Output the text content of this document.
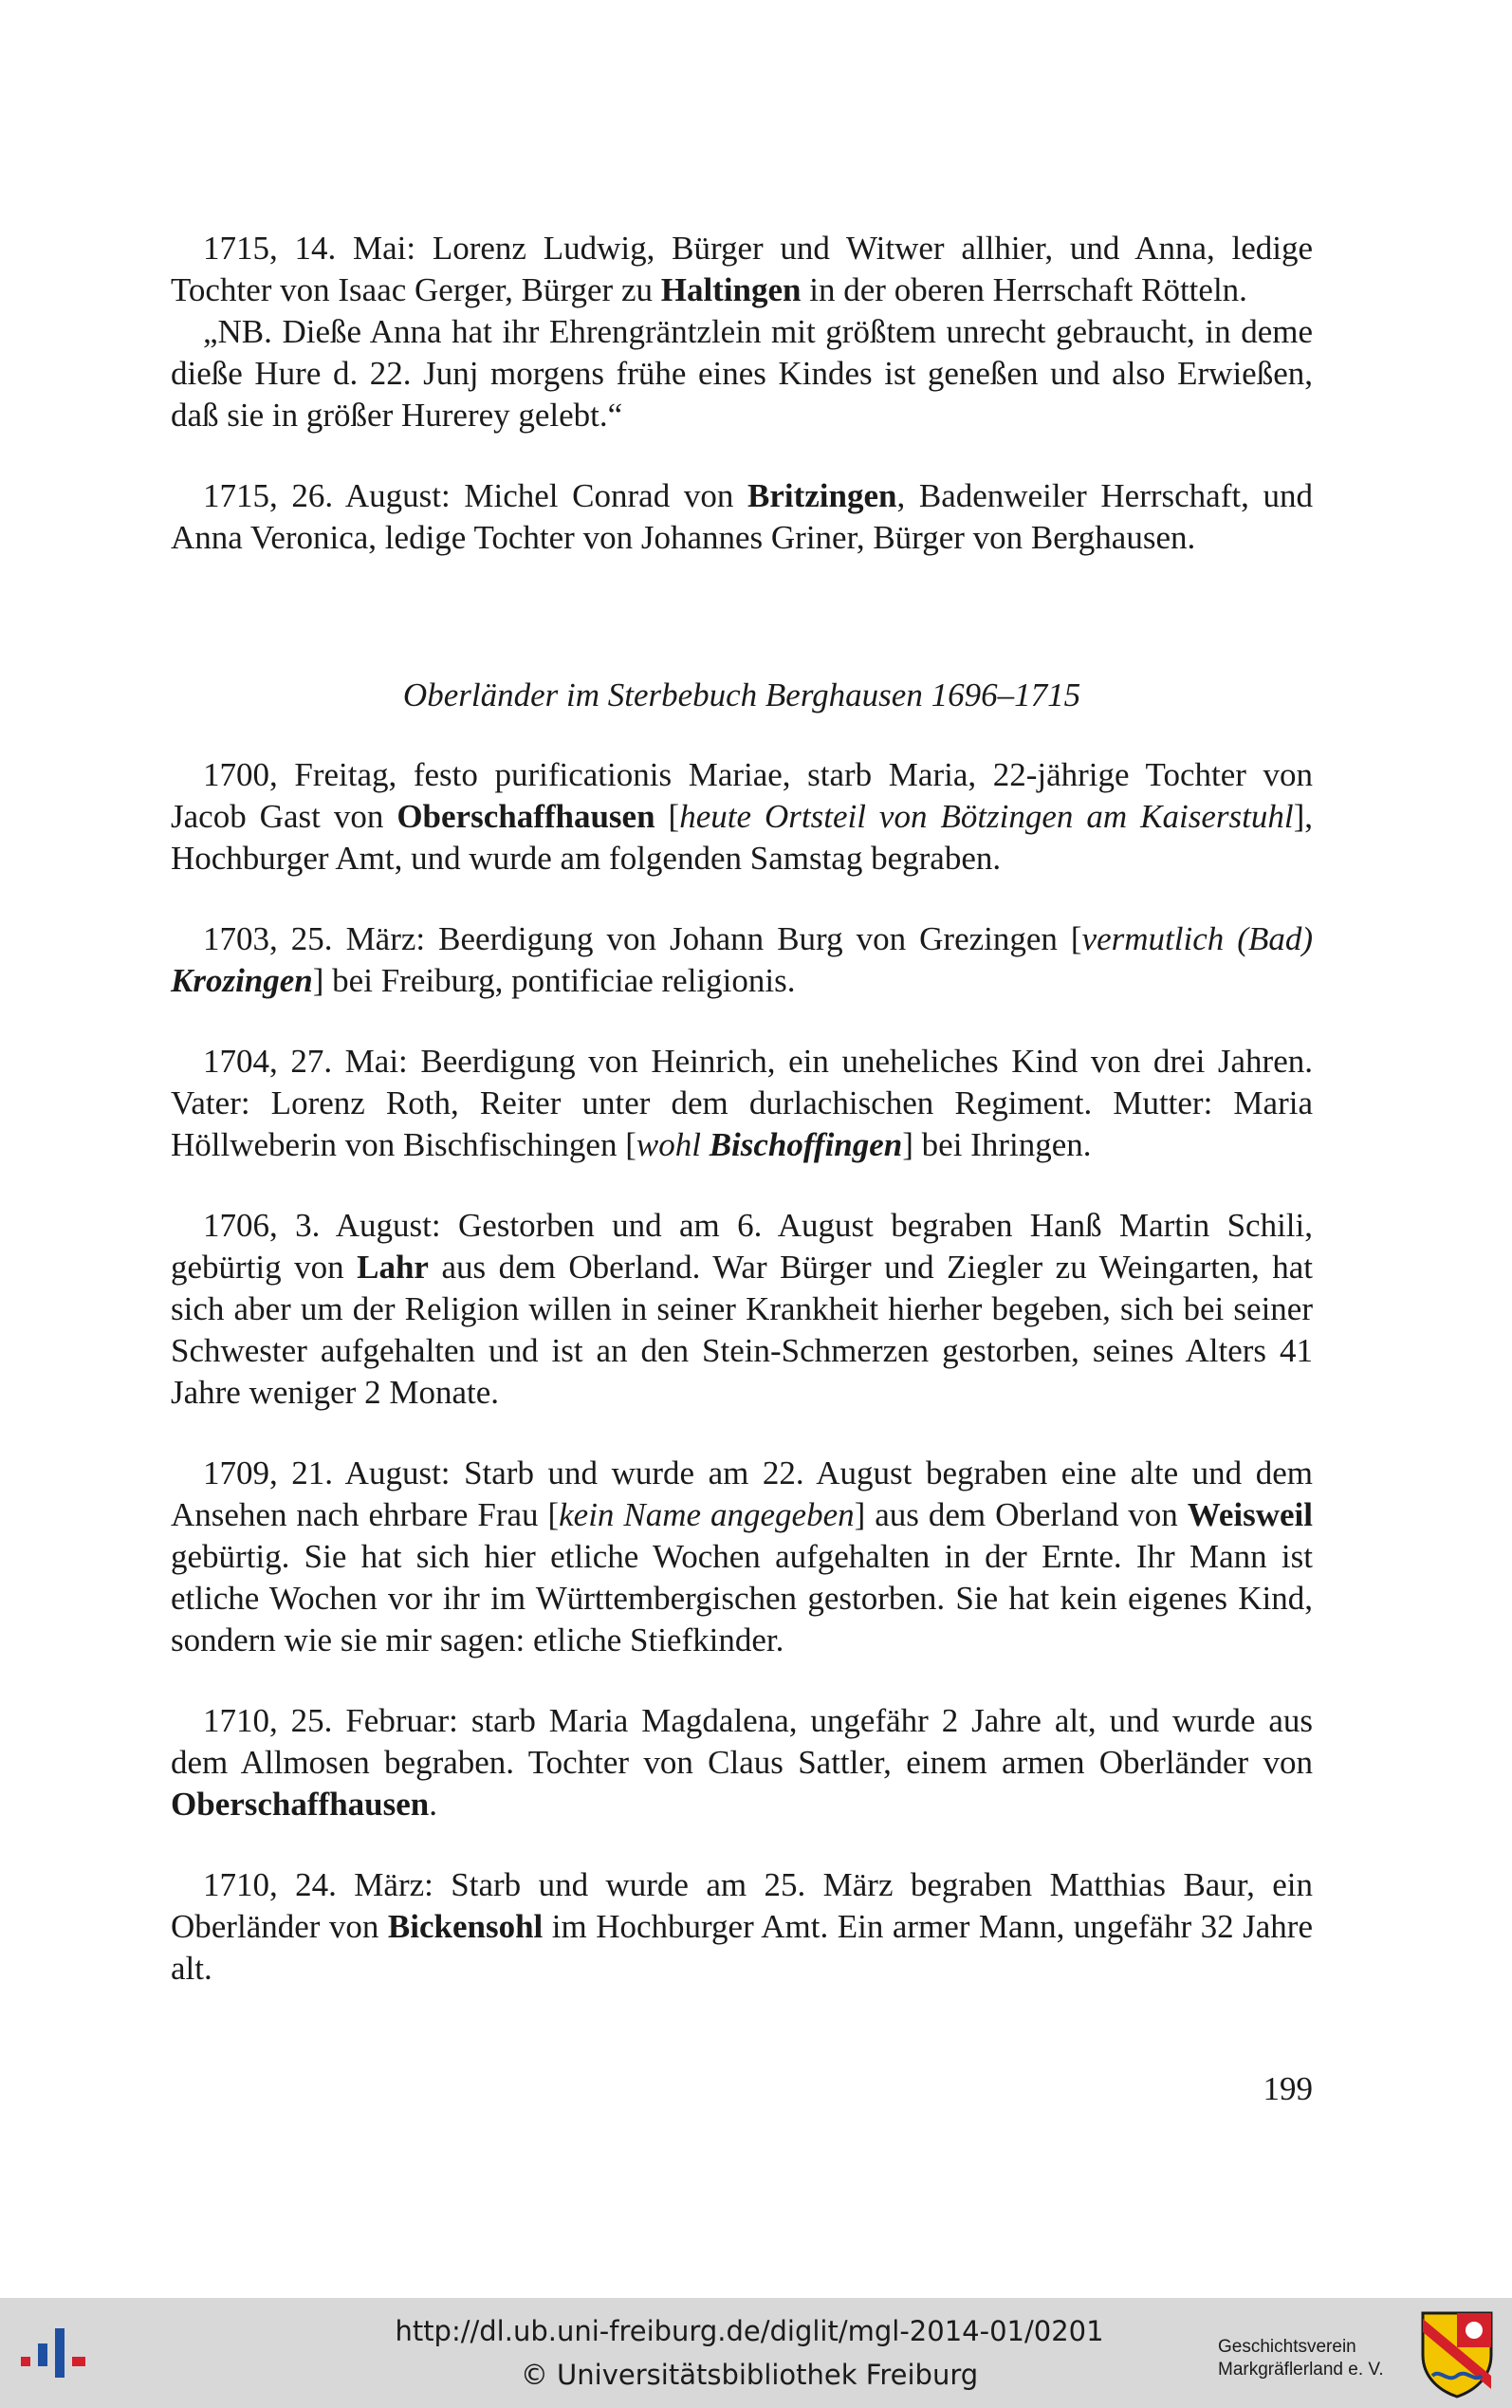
1715, 14. Mai: Lorenz Ludwig, Bürger und Witwer allhier, und Anna, ledige Tochter von Isaac Gerger, Bürger zu Haltingen in der oberen Herrschaft Rötteln.

„NB. Dieße Anna hat ihr Ehrengräntzlein mit größtem unrecht gebraucht, in deme dieße Hure d. 22. Junj morgens frühe eines Kindes ist geneßen und also Erwießen, daß sie in größer Hurerey gelebt.“

1715, 26. August: Michel Conrad von Britzingen, Badenweiler Herrschaft, und Anna Veronica, ledige Tochter von Johannes Griner, Bürger von Berghausen.

Oberländer im Sterbebuch Berghausen 1696–1715

1700, Freitag, festo purificationis Mariae, starb Maria, 22-jährige Tochter von Jacob Gast von Oberschaffhausen [heute Ortsteil von Bötzingen am Kaiserstuhl], Hochburger Amt, und wurde am folgenden Samstag begraben.

1703, 25. März: Beerdigung von Johann Burg von Grezingen [vermutlich (Bad) Krozingen] bei Freiburg, pontificiae religionis.

1704, 27. Mai: Beerdigung von Heinrich, ein uneheliches Kind von drei Jahren. Vater: Lorenz Roth, Reiter unter dem durlachischen Regiment. Mutter: Maria Höllweberin von Bischfischingen [wohl Bischoffingen] bei Ihringen.

1706, 3. August: Gestorben und am 6. August begraben Hanß Martin Schili, gebürtig von Lahr aus dem Oberland. War Bürger und Ziegler zu Weingarten, hat sich aber um der Religion willen in seiner Krankheit hierher begeben, sich bei seiner Schwester aufgehalten und ist an den Stein-Schmerzen gestorben, seines Alters 41 Jahre weniger 2 Monate.

1709, 21. August: Starb und wurde am 22. August begraben eine alte und dem Ansehen nach ehrbare Frau [kein Name angegeben] aus dem Oberland von Weisweil gebürtig. Sie hat sich hier etliche Wochen aufgehalten in der Ernte. Ihr Mann ist etliche Wochen vor ihr im Württembergischen gestorben. Sie hat kein eigenes Kind, sondern wie sie mir sagen: etliche Stiefkinder.

1710, 25. Februar: starb Maria Magdalena, ungefähr 2 Jahre alt, und wurde aus dem Allmosen begraben. Tochter von Claus Sattler, einem armen Oberländer von Oberschaffhausen.

1710, 24. März: Starb und wurde am 25. März begraben Matthias Baur, ein Oberländer von Bickensohl im Hochburger Amt. Ein armer Mann, ungefähr 32 Jahre alt.

199
http://dl.ub.uni-freiburg.de/diglit/mgl-2014-01/0201
© Universitätsbibliothek Freiburg
Geschichtsverein
Markgräflerland e. V.
